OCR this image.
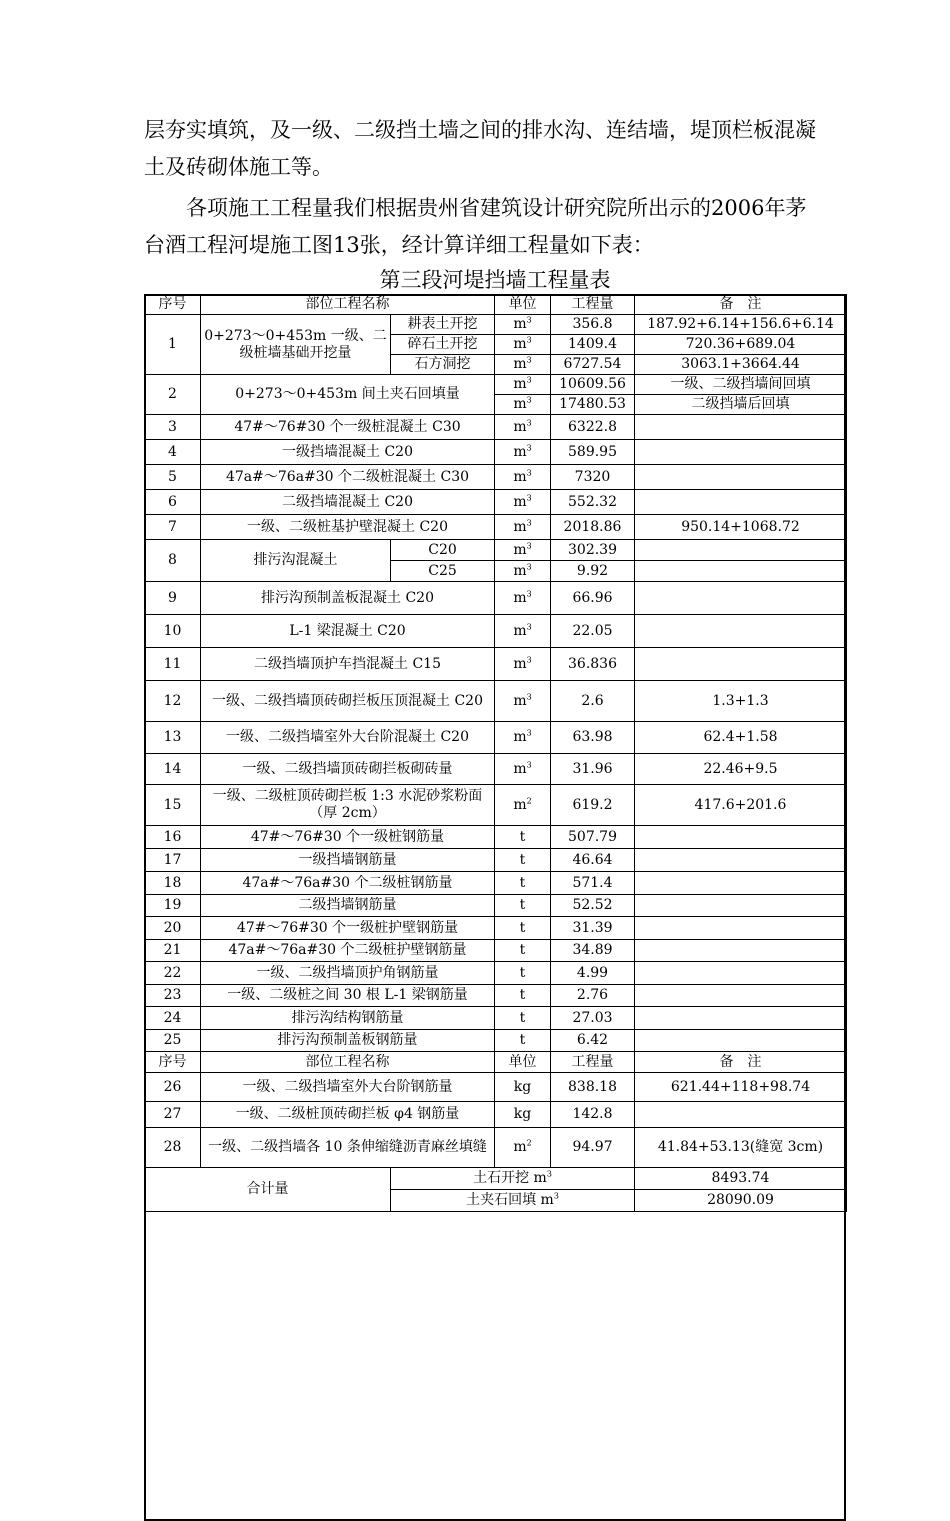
层夯实填筑，及一级、二级挡土墙之间的排水沟、连结墙，堤顶栏板混凝土及砖砌体施工等。

各项施工工程量我们根据贵州省建筑设计研究院所出示的2006年茅台酒工程河堤施工图13张，经计算详细工程量如下表：

第三段河堤挡墙工程量表
序号	部位工程名称		单位	工程量	备　注
1	0+273～0+453m 一级、二级桩墙基础开挖量	耕表土开挖	$m^3$	356.8	187.92+6.14+156.6+6.14
		碎石土开挖	$m^3$	1409.4	720.36+689.04
		石方洞挖	$m^3$	6727.54	3063.1+3664.44
2	0+273～0+453m 间土夹石回填量		$m^3$	10609.56	一级、二级挡墙间回填
			$m^3$	17480.53	二级挡墙后回填
3	47#～76#30 个一级桩混凝土 C30		$m^3$	6322.8	
4	一级挡墙混凝土 C20		$m^3$	589.95	
5	47a#～76a#30 个二级桩混凝土 C30		$m^3$	7320	
6	二级挡墙混凝土 C20		$m^3$	552.32	
7	一级、二级桩基护壁混凝土 C20		$m^3$	2018.86	950.14+1068.72
8	排污沟混凝土	C20	$m^3$	302.39	
		C25	$m^3$	9.92	
9	排污沟预制盖板混凝土 C20		$m^3$	66.96	
10	L-1 梁混凝土 C20		$m^3$	22.05	
11	二级挡墙顶护车挡混凝土 C15		$m^3$	36.836	
12	一级、二级挡墙顶砖砌拦板压顶混凝土 C20		$m^3$	2.6	1.3+1.3
13	一级、二级挡墙室外大台阶混凝土 C20		$m^3$	63.98	62.4+1.58
14	一级、二级挡墙顶砖砌拦板砌砖量		$m^3$	31.96	22.46+9.5
15	一级、二级桩顶砖砌拦板 1:3 水泥砂浆粉面（厚 2cm）		$m^2$	619.2	417.6+201.6
16	47#～76#30 个一级桩钢筋量		t	507.79	
17	一级挡墙钢筋量		t	46.64	
18	47a#～76a#30 个二级桩钢筋量		t	571.4	
19	二级挡墙钢筋量		t	52.52	
20	47#～76#30 个一级桩护壁钢筋量		t	31.39	
21	47a#～76a#30 个二级桩护壁钢筋量		t	34.89	
22	一级、二级挡墙顶护角钢筋量		t	4.99	
23	一级、二级桩之间 30 根 L-1 梁钢筋量		t	2.76	
24	排污沟结构钢筋量		t	27.03	
25	排污沟预制盖板钢筋量		t	6.42	
序号	部位工程名称		单位	工程量	备　注
26	一级、二级挡墙室外大台阶钢筋量		kg	838.18	621.44+118+98.74
27	一级、二级桩顶砖砌拦板 φ4 钢筋量		kg	142.8	
28	一级、二级挡墙各 10 条伸缩缝沥青麻丝填缝		$m^2$	94.97	41.84+53.13(缝宽 3cm)
合计量		土石开挖 $m^3$			8493.74
		土夹石回填 $m^3$			28090.09
